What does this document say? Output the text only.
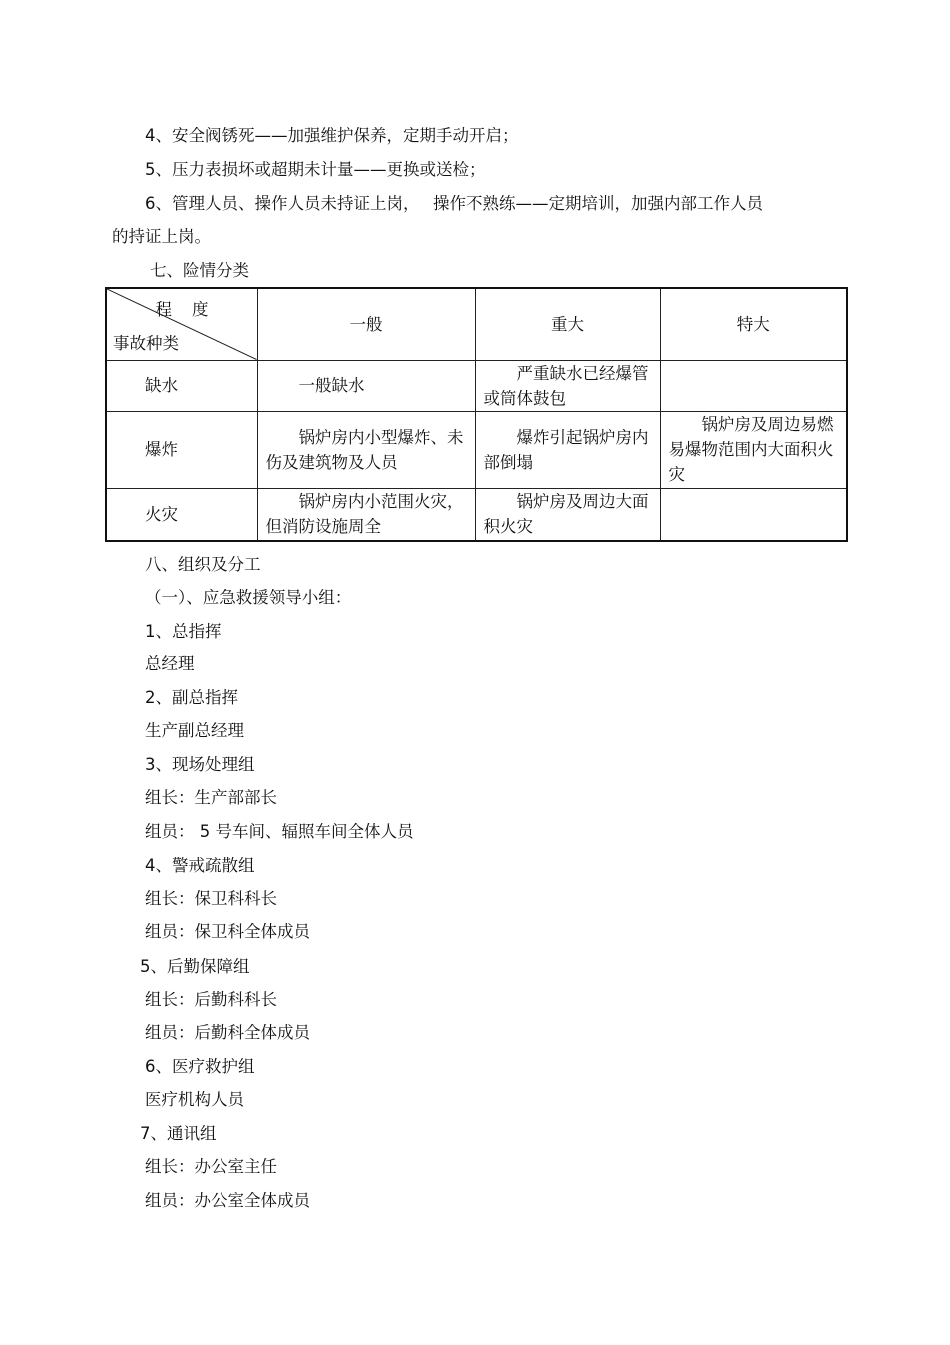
4、安全阀锈死——加强维护保养，定期手动开启；
5、压力表损坏或超期未计量——更换或送检；
6、管理人员、操作人员未持证上岗，　 操作不熟练——定期培训，加强内部工作人员
的持证上岗。
七、险情分类
程度
事故种类	一般	重大	特大
缺水	一般缺水	严重缺水已经爆管或筒体鼓包	
爆炸	锅炉房内小型爆炸、未伤及建筑物及人员	爆炸引起锅炉房内部倒塌	锅炉房及周边易燃易爆物范围内大面积火灾
火灾	锅炉房内小范围火灾，但消防设施周全	锅炉房及周边大面积火灾	
八、组织及分工
（一）、应急救援领导小组：
1、总指挥
总经理
2、副总指挥
生产副总经理
3、现场处理组
组长：生产部部长
组员： 5 号车间、辐照车间全体人员
4、警戒疏散组
组长：保卫科科长
组员：保卫科全体成员
5、后勤保障组
组长：后勤科科长
组员：后勤科全体成员
6、医疗救护组
医疗机构人员
7、通讯组
组长：办公室主任
组员：办公室全体成员
